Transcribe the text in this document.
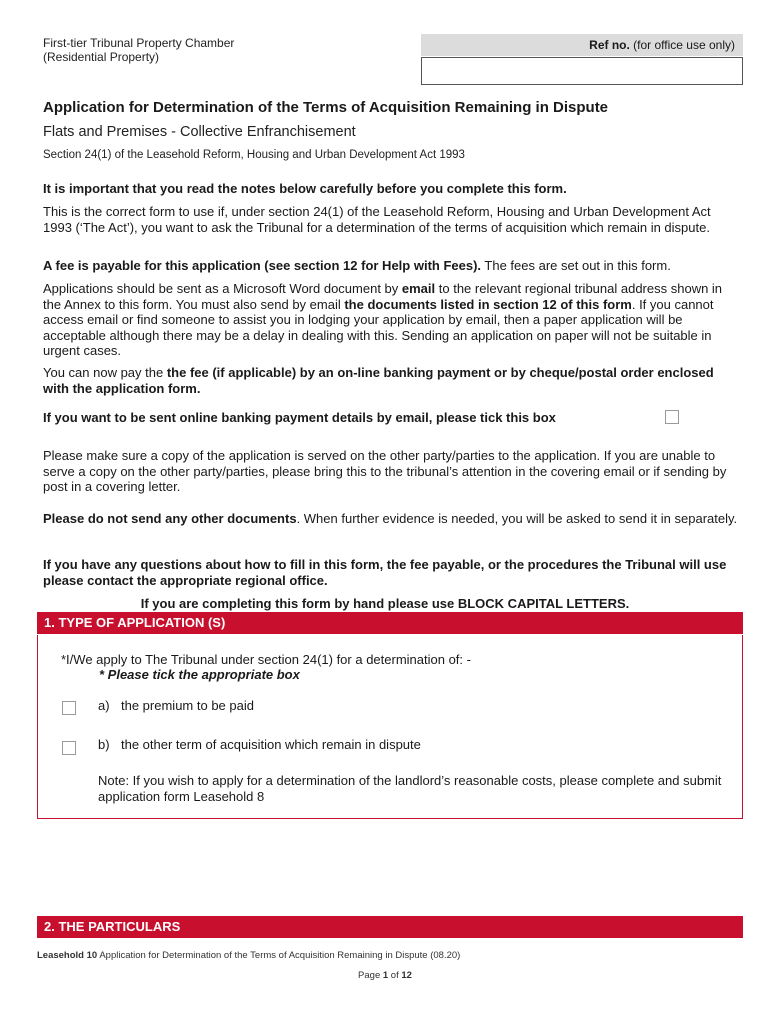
First-tier Tribunal Property Chamber
(Residential Property)
Ref no. (for office use only)
Application for Determination of the Terms of Acquisition Remaining in Dispute
Flats and Premises - Collective Enfranchisement
Section 24(1) of the Leasehold Reform, Housing and Urban Development Act 1993

It is important that you read the notes below carefully before you complete this form.

This is the correct form to use if, under section 24(1) of the Leasehold Reform, Housing and Urban Development Act 1993 (‘The Act’), you want to ask the Tribunal for a determination of the terms of acquisition which remain in dispute.

A fee is payable for this application (see section 12 for Help with Fees). The fees are set out in this form.

Applications should be sent as a Microsoft Word document by email to the relevant regional tribunal address shown in the Annex to this form. You must also send by email the documents listed in section 12 of this form. If you cannot access email or find someone to assist you in lodging your application by email, then a paper application will be acceptable although there may be a delay in dealing with this. Sending an application on paper will not be suitable in urgent cases.

You can now pay the the fee (if applicable) by an on-line banking payment or by cheque/postal order enclosed with the application form.

If you want to be sent online banking payment details by email, please tick this box

Please make sure a copy of the application is served on the other party/parties to the application. If you are unable to serve a copy on the other party/parties, please bring this to the tribunal’s attention in the covering email or if sending by post in a covering letter.

Please do not send any other documents. When further evidence is needed, you will be asked to send it in separately.

If you have any questions about how to fill in this form, the fee payable, or the procedures the Tribunal will use please contact the appropriate regional office.

If you are completing this form by hand please use BLOCK CAPITAL LETTERS.

1. TYPE OF APPLICATION (S)

*I/We apply to The Tribunal under section 24(1) for a determination of: -

* Please tick the appropriate box

a) the premium to be paid

b) the other term of acquisition which remain in dispute

Note: If you wish to apply for a determination of the landlord’s reasonable costs, please complete and submit application form Leasehold 8

2. THE PARTICULARS
Leasehold 10 Application for Determination of the Terms of Acquisition Remaining in Dispute (08.20)
Page 1 of 12
